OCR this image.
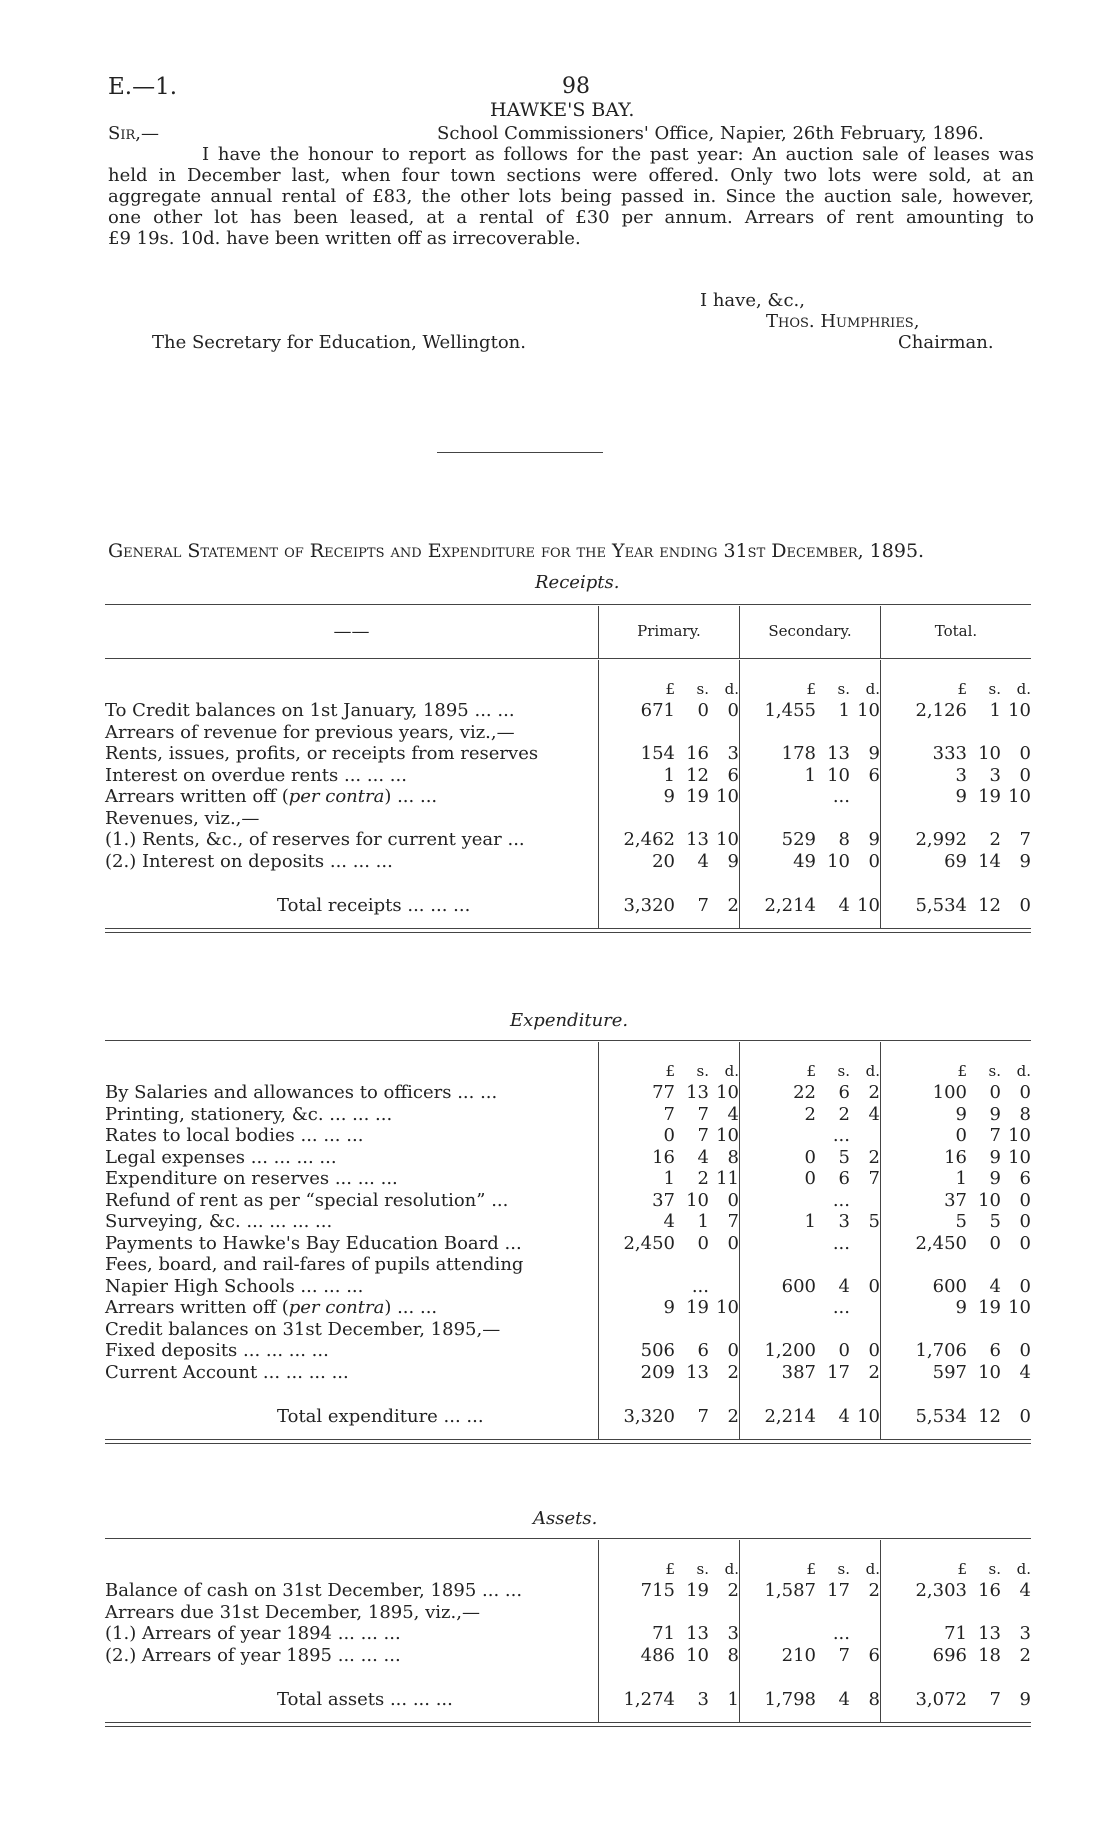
E.—1.	98
HAWKE'S BAY.
Sir,—	School Commissioners' Office, Napier, 26th February, 1896.
I have the honour to report as follows for the past year: An auction sale of leases was
held in December last, when four town sections were offered. Only two lots were sold, at an
aggregate annual rental of £83, the other lots being passed in. Since the auction sale, however,
one other lot has been leased, at a rental of £30 per annum. Arrears of rent amounting to
£9 19s. 10d. have been written off as irrecoverable.
I have, &c.,
Thos. Humphries,
Chairman.
The Secretary for Education, Wellington.
General Statement of Receipts and Expenditure for the Year ending 31st December, 1895.
Receipts.
——	Primary.	Secondary.	Total.

	£ s. d.	£ s. d.	£ s. d.

To Credit balances on 1st January, 1895 ... ...	671 0 0	1,455 1 10	2,126 1 10

Arrears of revenue for previous years, viz.,—	

Rents, issues, profits, or receipts from reserves	154 16 3	178 13 9	333 10 0

Interest on overdue rents ... ... ...	1 12 6	1 10 6	3 3 0

Arrears written off (per contra) ... ...	9 19 10	...	9 19 10

Revenues, viz.,—	

(1.) Rents, &c., of reserves for current year ...	2,462 13 10	529 8 9	2,992 2 7

(2.) Interest on deposits ... ... ...	20 4 9	49 10 0	69 14 9

Total receipts ... ... ...	3,320 7 2	2,214 4 10	5,534 12 0

Expenditure.

	£ s. d.	£ s. d.	£ s. d.

By Salaries and allowances to officers ... ...	77 13 10	22 6 2	100 0 0

Printing, stationery, &c. ... ... ...	7 7 4	2 2 4	9 9 8

Rates to local bodies ... ... ...	0 7 10	...	0 7 10

Legal expenses ... ... ... ...	16 4 8	0 5 2	16 9 10

Expenditure on reserves ... ... ...	1 2 11	0 6 7	1 9 6

Refund of rent as per “special resolution” ...	37 10 0	...	37 10 0

Surveying, &c. ... ... ... ...	4 1 7	1 3 5	5 5 0

Payments to Hawke's Bay Education Board ...	2,450 0 0	...	2,450 0 0

Fees, board, and rail-fares of pupils attending	

Napier High Schools ... ... ...	...	600 4 0	600 4 0

Arrears written off (per contra) ... ...	9 19 10	...	9 19 10

Credit balances on 31st December, 1895,—	

Fixed deposits ... ... ... ...	506 6 0	1,200 0 0	1,706 6 0

Current Account ... ... ... ...	209 13 2	387 17 2	597 10 4

Total expenditure ... ...	3,320 7 2	2,214 4 10	5,534 12 0

Assets.

	£ s. d.	£ s. d.	£ s. d.

Balance of cash on 31st December, 1895 ... ...	715 19 2	1,587 17 2	2,303 16 4

Arrears due 31st December, 1895, viz.,—	

(1.) Arrears of year 1894 ... ... ...	71 13 3	...	71 13 3

(2.) Arrears of year 1895 ... ... ...	486 10 8	210 7 6	696 18 2

Total assets ... ... ...	1,274 3 1	1,798 4 8	3,072 7 9
